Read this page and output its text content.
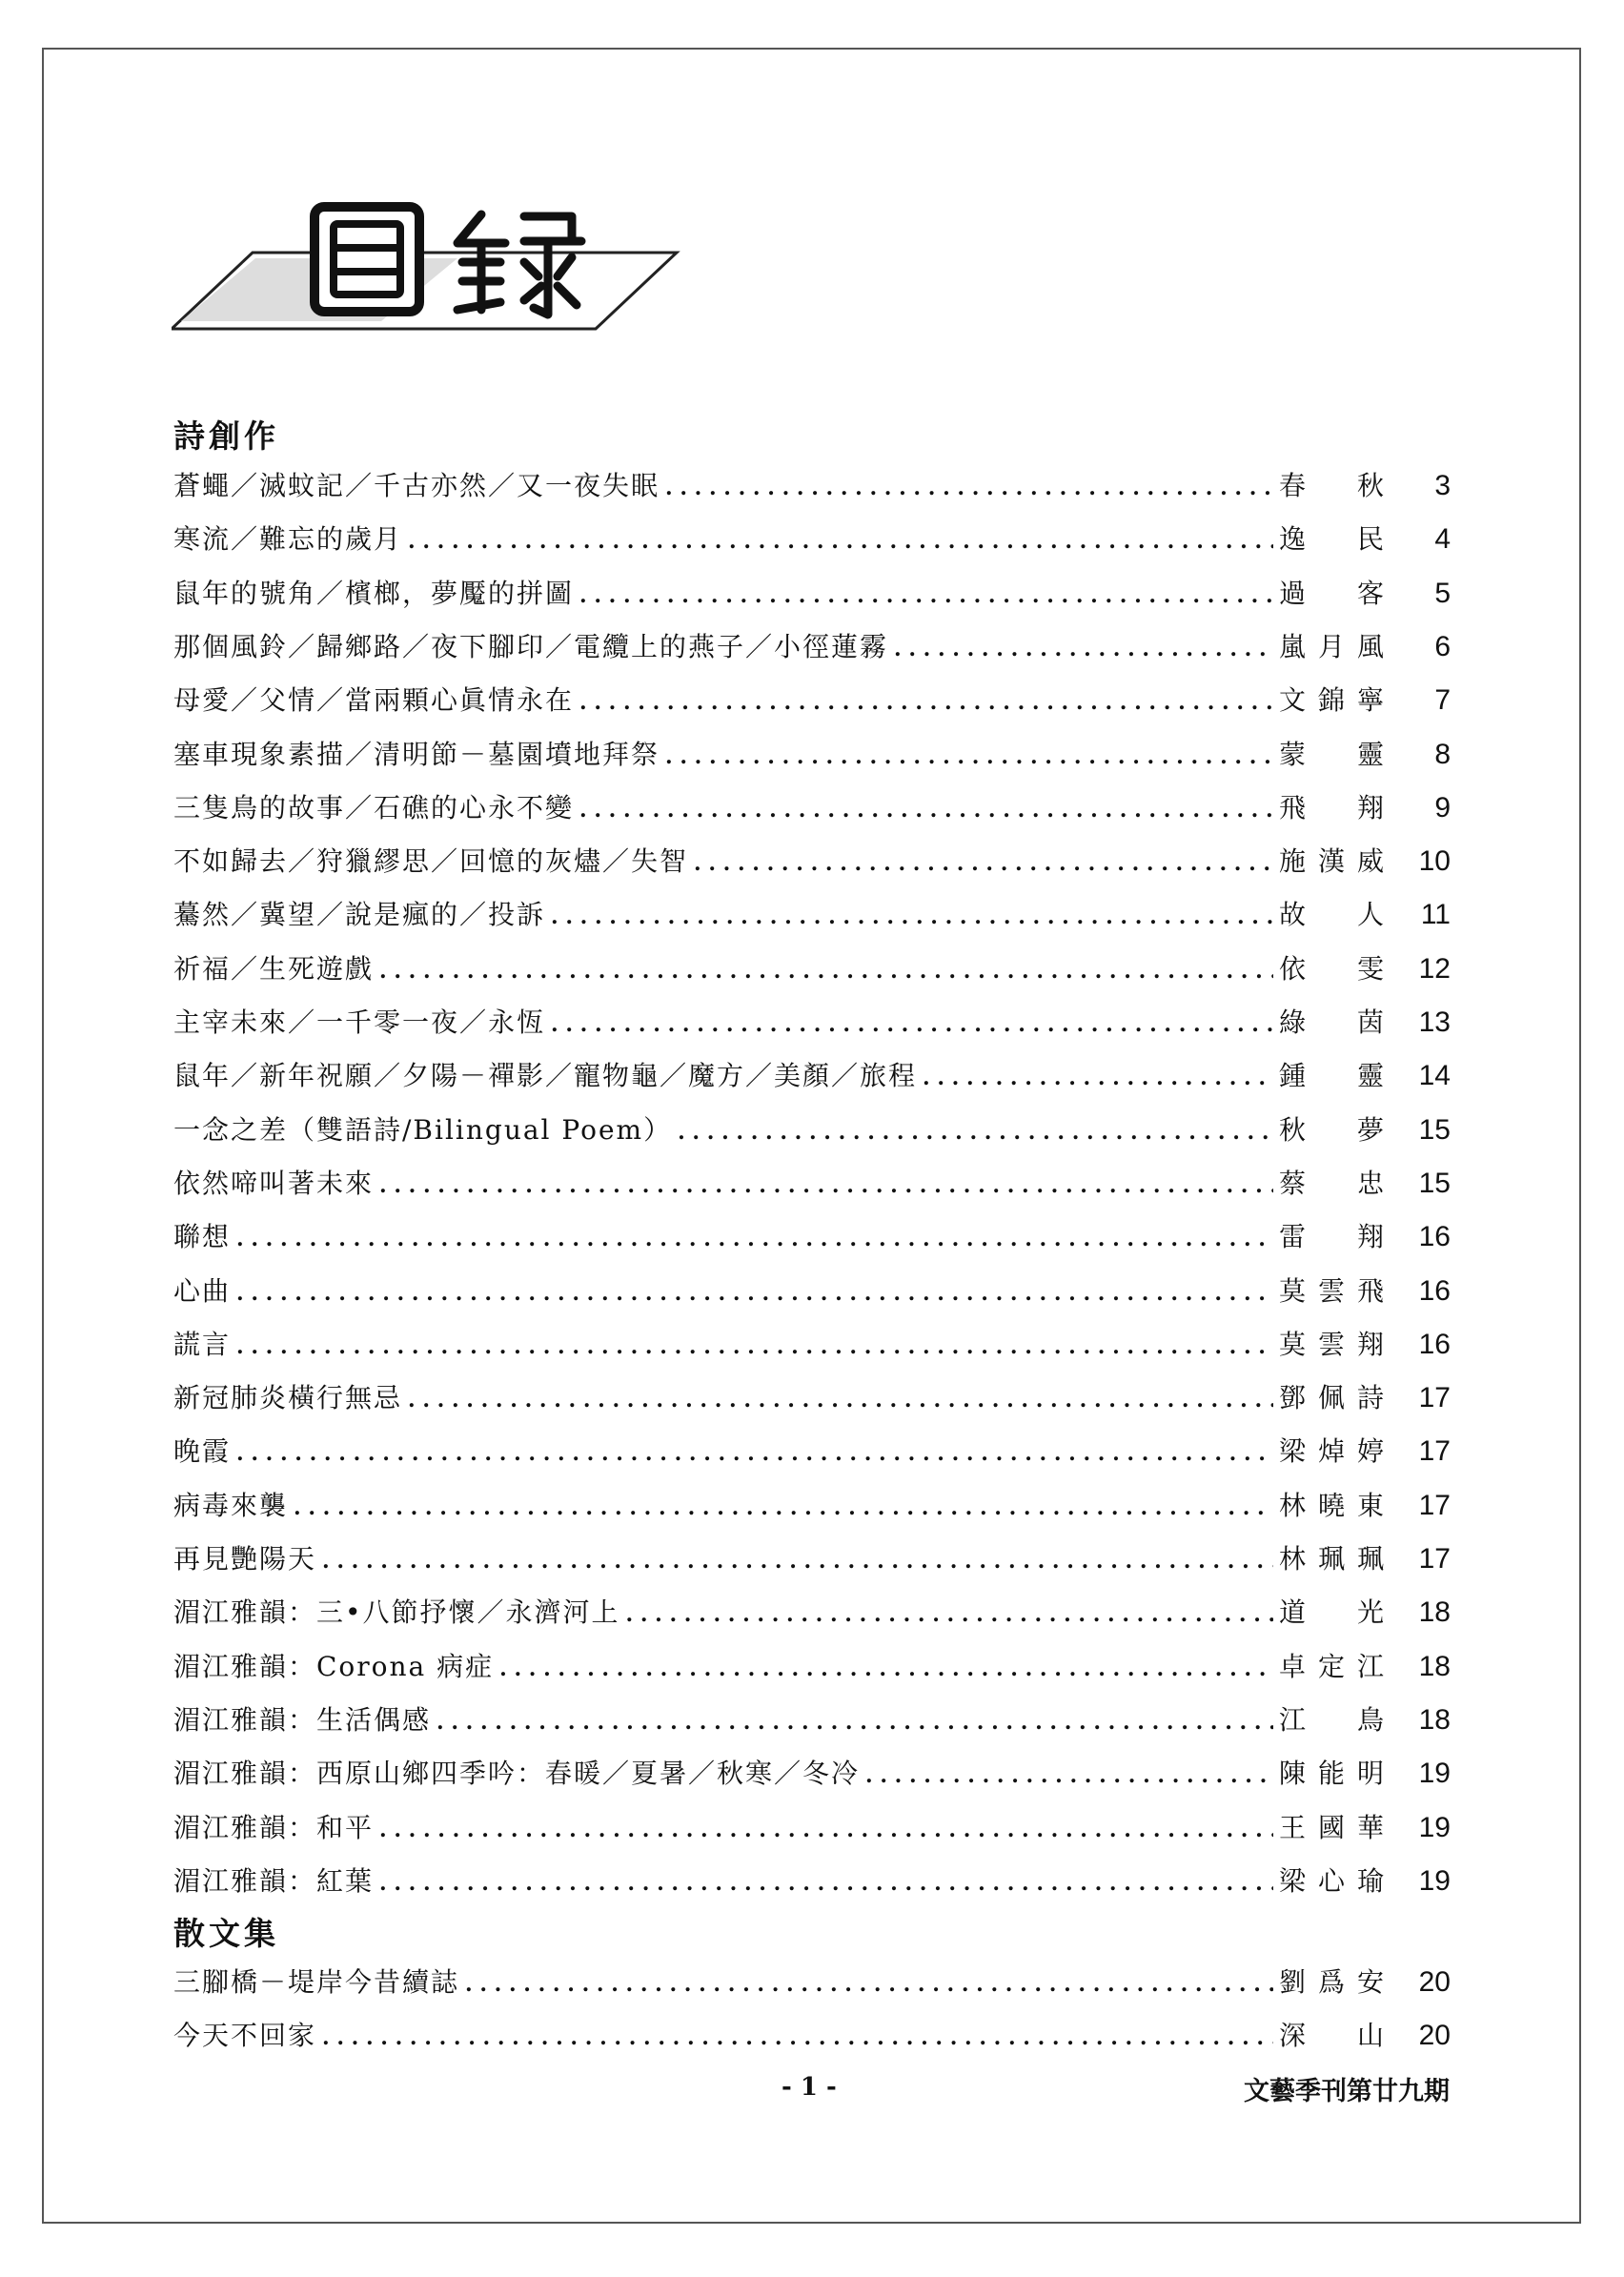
詩創作
蒼蠅／滅蚊記／千古亦然／又一夜失眠 . . .	春　秋	3
寒流／難忘的歲月 . . .	逸　民	4
鼠年的號角／檳榔，夢魘的拼圖 . . .	過　客	5
那個風鈴／歸鄉路／夜下腳印／電纜上的燕子／小徑蓮霧 . . .	嵐月風	6
母愛／父情／當兩顆心眞情永在 . . .	文錦寧	7
塞車現象素描／清明節－墓園墳地拜祭 . . .	蒙　靈	8
三隻鳥的故事／石礁的心永不變 . . .	飛　翔	9
不如歸去／狩獵繆思／回憶的灰燼／失智 . . .	施漢威	10
驀然／冀望／說是瘋的／投訴 . . .	故　人	11
祈福／生死遊戲 . . .	依　雯	12
主宰未來／一千零一夜／永恆 . . .	綠　茵	13
鼠年／新年祝願／夕陽－禪影／寵物龜／魔方／美顏／旅程 . . .	鍾　靈	14
一念之差（雙語詩/Bilingual Poem） . . .	秋　夢	15
依然啼叫著未來 . . .	蔡　忠	15
聯想 . . .	雷　翔	16
心曲 . . .	莫雲飛	16
謊言 . . .	莫雲翔	16
新冠肺炎橫行無忌 . . .	鄧佩詩	17
晚霞 . . .	梁焯婷	17
病毒來襲 . . .	林曉東	17
再見艷陽天 . . .	林珮珮	17
湄江雅韻：三•八節抒懷／永濟河上 . . .	道　光	18
湄江雅韻：Corona 病症 . . .	卓定江	18
湄江雅韻：生活偶感 . . .	江　鳥	18
湄江雅韻：西原山鄉四季吟：春暖／夏暑／秋寒／冬冷 . . .	陳能明	19
湄江雅韻：和平 . . .	王國華	19
湄江雅韻：紅葉 . . .	梁心瑜	19
散文集
三腳橋－堤岸今昔續誌 . . .	劉爲安	20
今天不回家 . . .	深　山	20
- 1 -	文藝季刊第廿九期
